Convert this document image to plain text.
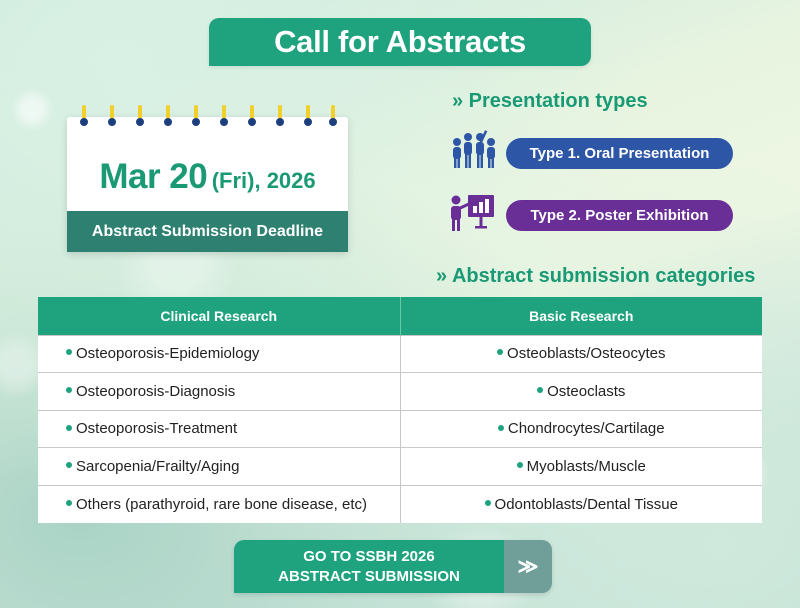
Call for Abstracts
Mar 20 (Fri), 2026
Abstract Submission Deadline
» Presentation types
Type 1. Oral Presentation
Type 2. Poster Exhibition
» Abstract submission categories
Clinical Research	Basic Research
Osteoporosis-Epidemiology	Osteoblasts/Osteocytes
Osteoporosis-Diagnosis	Osteoclasts
Osteoporosis-Treatment	Chondrocytes/Cartilage
Sarcopenia/Frailty/Aging	Myoblasts/Muscle
Others (parathyroid, rare bone disease, etc)	Odontoblasts/Dental Tissue
GO TO SSBH 2026
ABSTRACT SUBMISSION	≫
